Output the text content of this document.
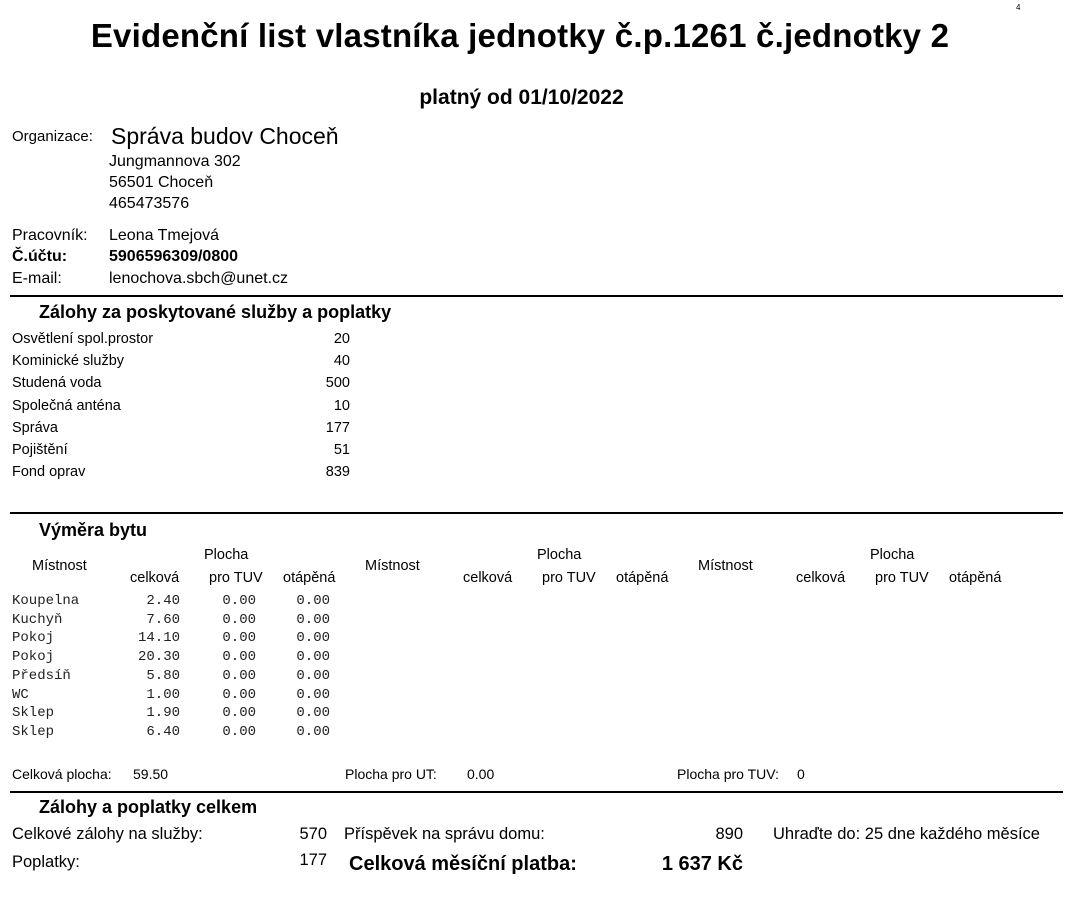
4
Evidenční list vlastníka jednotky č.p.1261 č.jednotky 2
platný od 01/10/2022
Organizace: Správa budov Choceň
Jungmannova 302
56501 Choceň
465473576
Pracovník: Leona Tmejová
Č.účtu:	5906596309/0800
E-mail:	lenochova.sbch@unet.cz
Zálohy za poskytované služby a poplatky
Osvětlení spol.prostor	20
Kominické služby	40
Studená voda	500
Společná anténa	10
Správa	177
Pojištění	51
Fond oprav	839
Výměra bytu
Místnost
Plocha
celková pro TUV otápěná
Místnost
Plocha
celková pro TUV otápěná
Místnost
Plocha
celková pro TUV otápěná
Koupelna	2.40	0.00	0.00
Kuchyň	7.60	0.00	0.00
Pokoj	14.10	0.00	0.00
Pokoj	20.30	0.00	0.00
Předsíň	5.80	0.00	0.00
WC	1.00	0.00	0.00
Sklep	1.90	0.00	0.00
Sklep	6.40	0.00	0.00
Celková plocha: 59.50	Plocha pro UT: 0.00	Plocha pro TUV: 0
Zálohy a poplatky celkem
Celkové zálohy na služby:	570 Příspěvek na správu domu:	890 Uhraďte do: 25 dne každého měsíce
Poplatky:	177 Celková měsíční platba:	1 637 Kč
